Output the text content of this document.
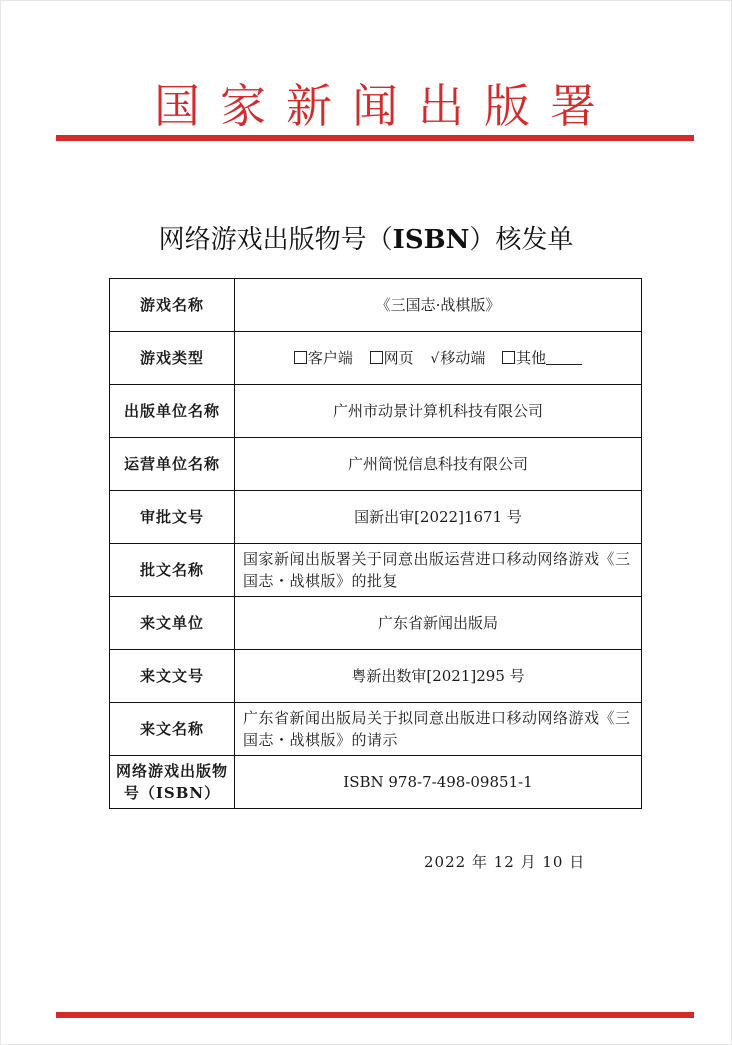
国家新闻出版署
网络游戏出版物号（ISBN）核发单
游戏名称	《三国志·战棋版》
游戏类型	客户端 网页 √移动端 其他
出版单位名称	广州市动景计算机科技有限公司
运营单位名称	广州简悦信息科技有限公司
审批文号	国新出审[2022]1671 号
批文名称	国家新闻出版署关于同意出版运营进口移动网络游戏《三国志・战棋版》的批复
来文单位	广东省新闻出版局
来文文号	粤新出数审[2021]295 号
来文名称	广东省新闻出版局关于拟同意出版进口移动网络游戏《三国志・战棋版》的请示
网络游戏出版物号（ISBN）	ISBN 978-7-498-09851-1
2022 年 12 月 10 日
